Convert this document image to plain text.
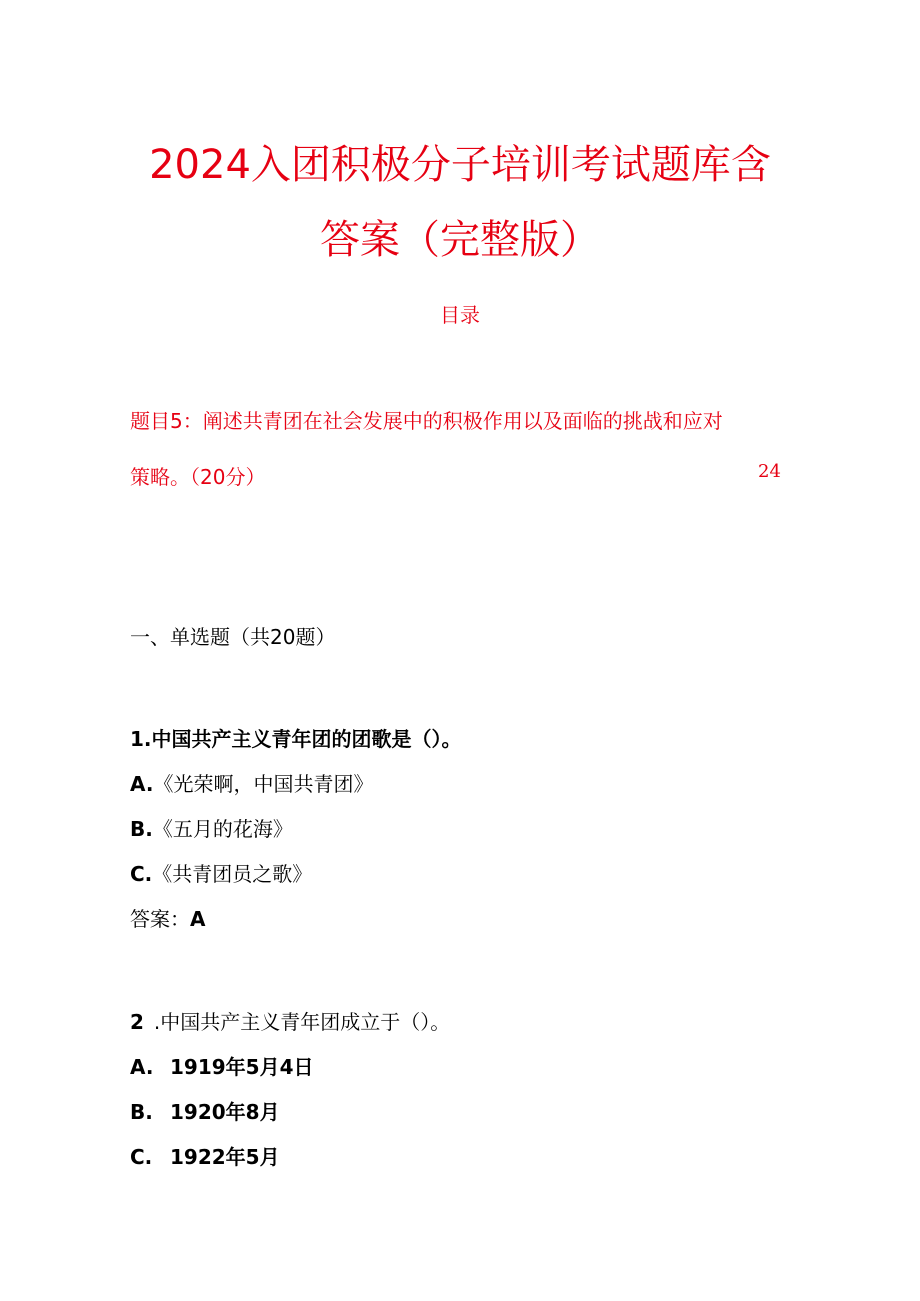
2024入团积极分子培训考试题库含
答案（完整版）
目录
题目5：阐述共青团在社会发展中的积极作用以及面临的挑战和应对
策略。（20分）	24
一、单选题（共20题）
1.中国共产主义青年团的团歌是（）。
A.《光荣啊，中国共青团》
B.《五月的花海》
C.《共青团员之歌》
答案：A
2 .中国共产主义青年团成立于（）。
A. 1919年5月4日
B. 1920年8月
C. 1922年5月
